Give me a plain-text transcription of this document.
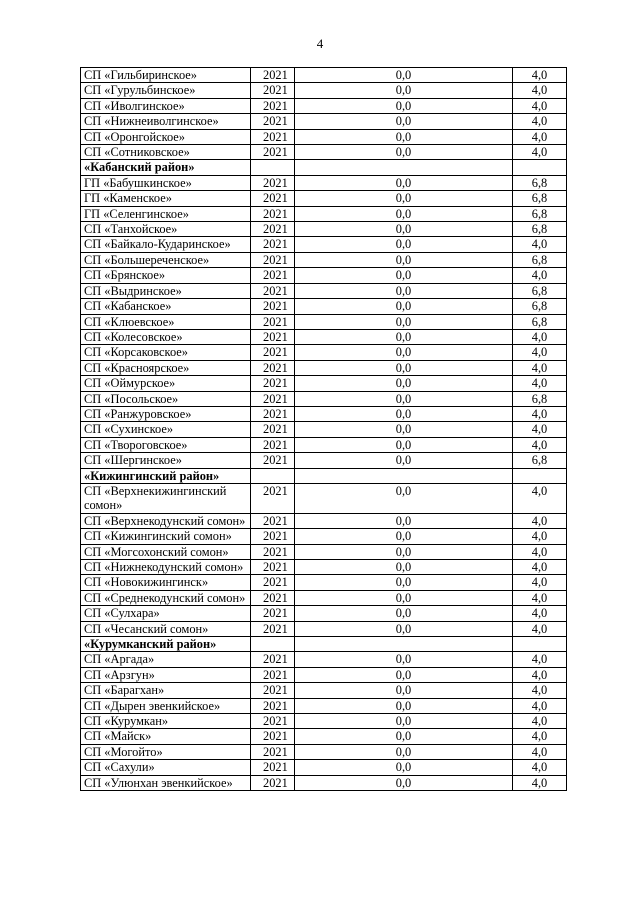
4
СП «Гильбиринское»	2021	0,0	4,0
СП «Гурульбинское»	2021	0,0	4,0
СП «Иволгинское»	2021	0,0	4,0
СП «Нижнеиволгинское»	2021	0,0	4,0
СП «Оронгойское»	2021	0,0	4,0
СП «Сотниковское»	2021	0,0	4,0
«Кабанский район»			
ГП «Бабушкинское»	2021	0,0	6,8
ГП «Каменское»	2021	0,0	6,8
ГП «Селенгинское»	2021	0,0	6,8
СП «Танхойское»	2021	0,0	6,8
СП «Байкало-Кударинское»	2021	0,0	4,0
СП «Большереченское»	2021	0,0	6,8
СП «Брянское»	2021	0,0	4,0
СП «Выдринское»	2021	0,0	6,8
СП «Кабанское»	2021	0,0	6,8
СП «Клюевское»	2021	0,0	6,8
СП «Колесовское»	2021	0,0	4,0
СП «Корсаковское»	2021	0,0	4,0
СП «Красноярское»	2021	0,0	4,0
СП «Оймурское»	2021	0,0	4,0
СП «Посольское»	2021	0,0	6,8
СП «Ранжуровское»	2021	0,0	4,0
СП «Сухинское»	2021	0,0	4,0
СП «Твороговское»	2021	0,0	4,0
СП «Шергинское»	2021	0,0	6,8
«Кижингинский район»			
СП «Верхнекижингинский сомон»	2021	0,0	4,0
СП «Верхнекодунский сомон»	2021	0,0	4,0
СП «Кижингинский сомон»	2021	0,0	4,0
СП «Могсохонский сомон»	2021	0,0	4,0
СП «Нижнекодунский сомон»	2021	0,0	4,0
СП «Новокижингинск»	2021	0,0	4,0
СП «Среднекодунский сомон»	2021	0,0	4,0
СП «Сулхара»	2021	0,0	4,0
СП «Чесанский сомон»	2021	0,0	4,0
«Курумканский район»			
СП «Аргада»	2021	0,0	4,0
СП «Арзгун»	2021	0,0	4,0
СП «Барагхан»	2021	0,0	4,0
СП «Дырен эвенкийское»	2021	0,0	4,0
СП «Курумкан»	2021	0,0	4,0
СП «Майск»	2021	0,0	4,0
СП «Могойто»	2021	0,0	4,0
СП «Сахули»	2021	0,0	4,0
СП «Улюнхан эвенкийское»	2021	0,0	4,0
